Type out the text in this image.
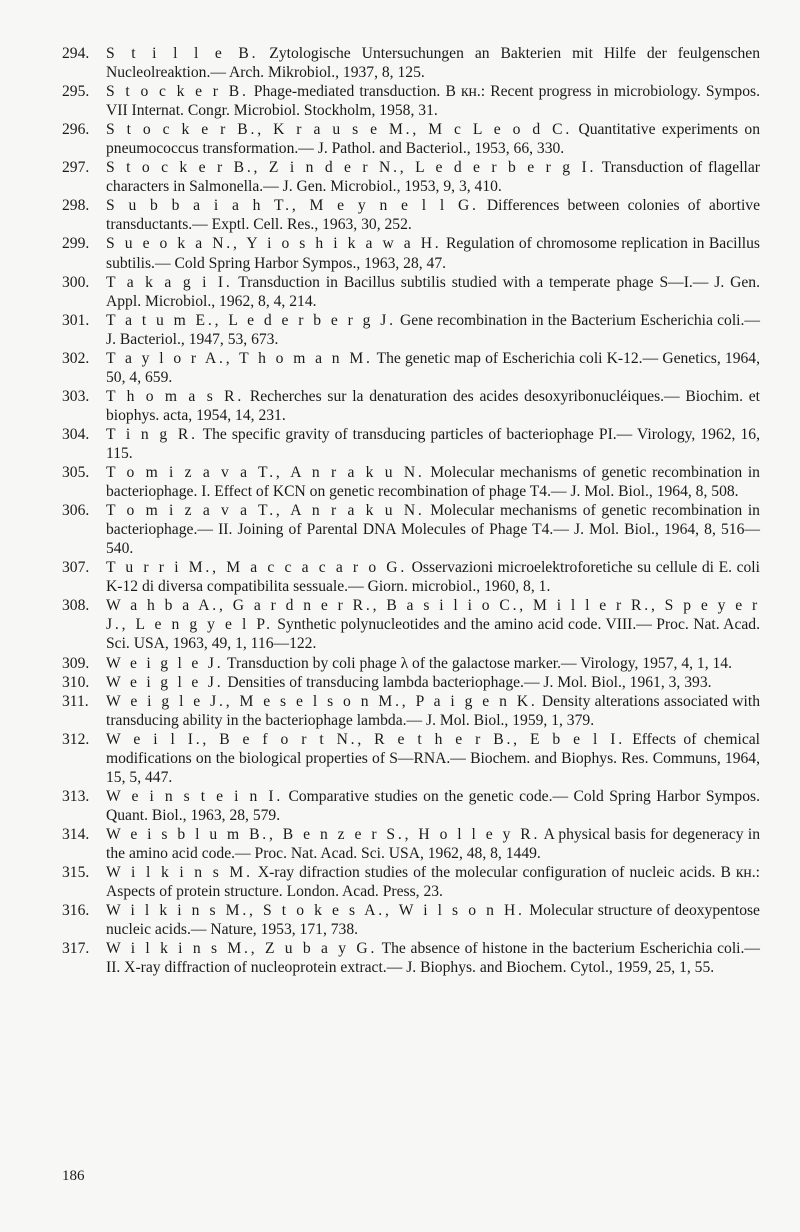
294.	S t i l l e B. Zytologische Untersuchungen an Bakterien mit Hilfe der feulgenschen Nucleolreaktion.— Arch. Mikrobiol., 1937, 8, 125.
295.	S t o c k e r B. Phage-mediated transduction. B кн.: Recent progress in microbiology. Sympos. VII Internat. Congr. Microbiol. Stockholm, 1958, 31.
296.	S t o c k e r B., K r a u s e M., M c L e o d C. Quantitative experiments on pneumococcus transformation.— J. Pathol. and Bacteriol., 1953, 66, 330.
297.	S t o c k e r B., Z i n d e r N., L e d e r b e r g I. Transduction of flagellar characters in Salmonella.— J. Gen. Microbiol., 1953, 9, 3, 410.
298.	S u b b a i a h T., M e y n e l l G. Differences between colonies of abortive transductants.— Exptl. Cell. Res., 1963, 30, 252.
299.	S u e o k a N., Y i o s h i k a w a H. Regulation of chromosome replication in Bacillus subtilis.— Cold Spring Harbor Sympos., 1963, 28, 47.
300.	T a k a g i I. Transduction in Bacillus subtilis studied with a temperate phage S—I.— J. Gen. Appl. Microbiol., 1962, 8, 4, 214.
301.	T a t u m E., L e d e r b e r g J. Gene recombination in the Bacterium Escherichia coli.— J. Bacteriol., 1947, 53, 673.
302.	T a y l o r A., T h o m a n M. The genetic map of Escherichia coli K-12.— Genetics, 1964, 50, 4, 659.
303.	T h o m a s R. Recherches sur la denaturation des acides desoxyribonucléiques.— Biochim. et biophys. acta, 1954, 14, 231.
304.	T i n g R. The specific gravity of transducing particles of bacteriophage PI.— Virology, 1962, 16, 115.
305.	T o m i z a v a T., A n r a k u N. Molecular mechanisms of genetic recombination in bacteriophage. I. Effect of KCN on genetic recombination of phage T4.— J. Mol. Biol., 1964, 8, 508.
306.	T o m i z a v a T., A n r a k u N. Molecular mechanisms of genetic recombination in bacteriophage.— II. Joining of Parental DNA Molecules of Phage T4.— J. Mol. Biol., 1964, 8, 516—540.
307.	T u r r i M., M a c c a c a r o G. Osservazioni microelektroforetiche su cellule di E. coli K-12 di diversa compatibilita sessuale.— Giorn. microbiol., 1960, 8, 1.
308.	W a h b a A., G a r d n e r R., B a s i l i o C., M i l l e r R., S p e y e r J., L e n g y e l P. Synthetic polynucleotides and the amino acid code. VIII.— Proc. Nat. Acad. Sci. USA, 1963, 49, 1, 116—122.
309.	W e i g l e J. Transduction by coli phage λ of the galactose marker.— Virology, 1957, 4, 1, 14.
310.	W e i g l e J. Densities of transducing lambda bacteriophage.— J. Mol. Biol., 1961, 3, 393.
311.	W e i g l e J., M e s e l s o n M., P a i g e n K. Density alterations associated with transducing ability in the bacteriophage lambda.— J. Mol. Biol., 1959, 1, 379.
312.	W e i l I., B e f o r t N., R e t h e r B., E b e l I. Effects of chemical modifications on the biological properties of S—RNA.— Biochem. and Biophys. Res. Communs, 1964, 15, 5, 447.
313.	W e i n s t e i n I. Comparative studies on the genetic code.— Cold Spring Harbor Sympos. Quant. Biol., 1963, 28, 579.
314.	W e i s b l u m B., B e n z e r S., H o l l e y R. A physical basis for degeneracy in the amino acid code.— Proc. Nat. Acad. Sci. USA, 1962, 48, 8, 1449.
315.	W i l k i n s M. X-ray difraction studies of the molecular configuration of nucleic acids. B кн.: Aspects of protein structure. London. Acad. Press, 23.
316.	W i l k i n s M., S t o k e s A., W i l s o n H. Molecular structure of deoxypentose nucleic acids.— Nature, 1953, 171, 738.
317.	W i l k i n s M., Z u b a y G. The absence of histone in the bacterium Escherichia coli.— II. X-ray diffraction of nucleoprotein extract.— J. Biophys. and Biochem. Cytol., 1959, 25, 1, 55.
186
